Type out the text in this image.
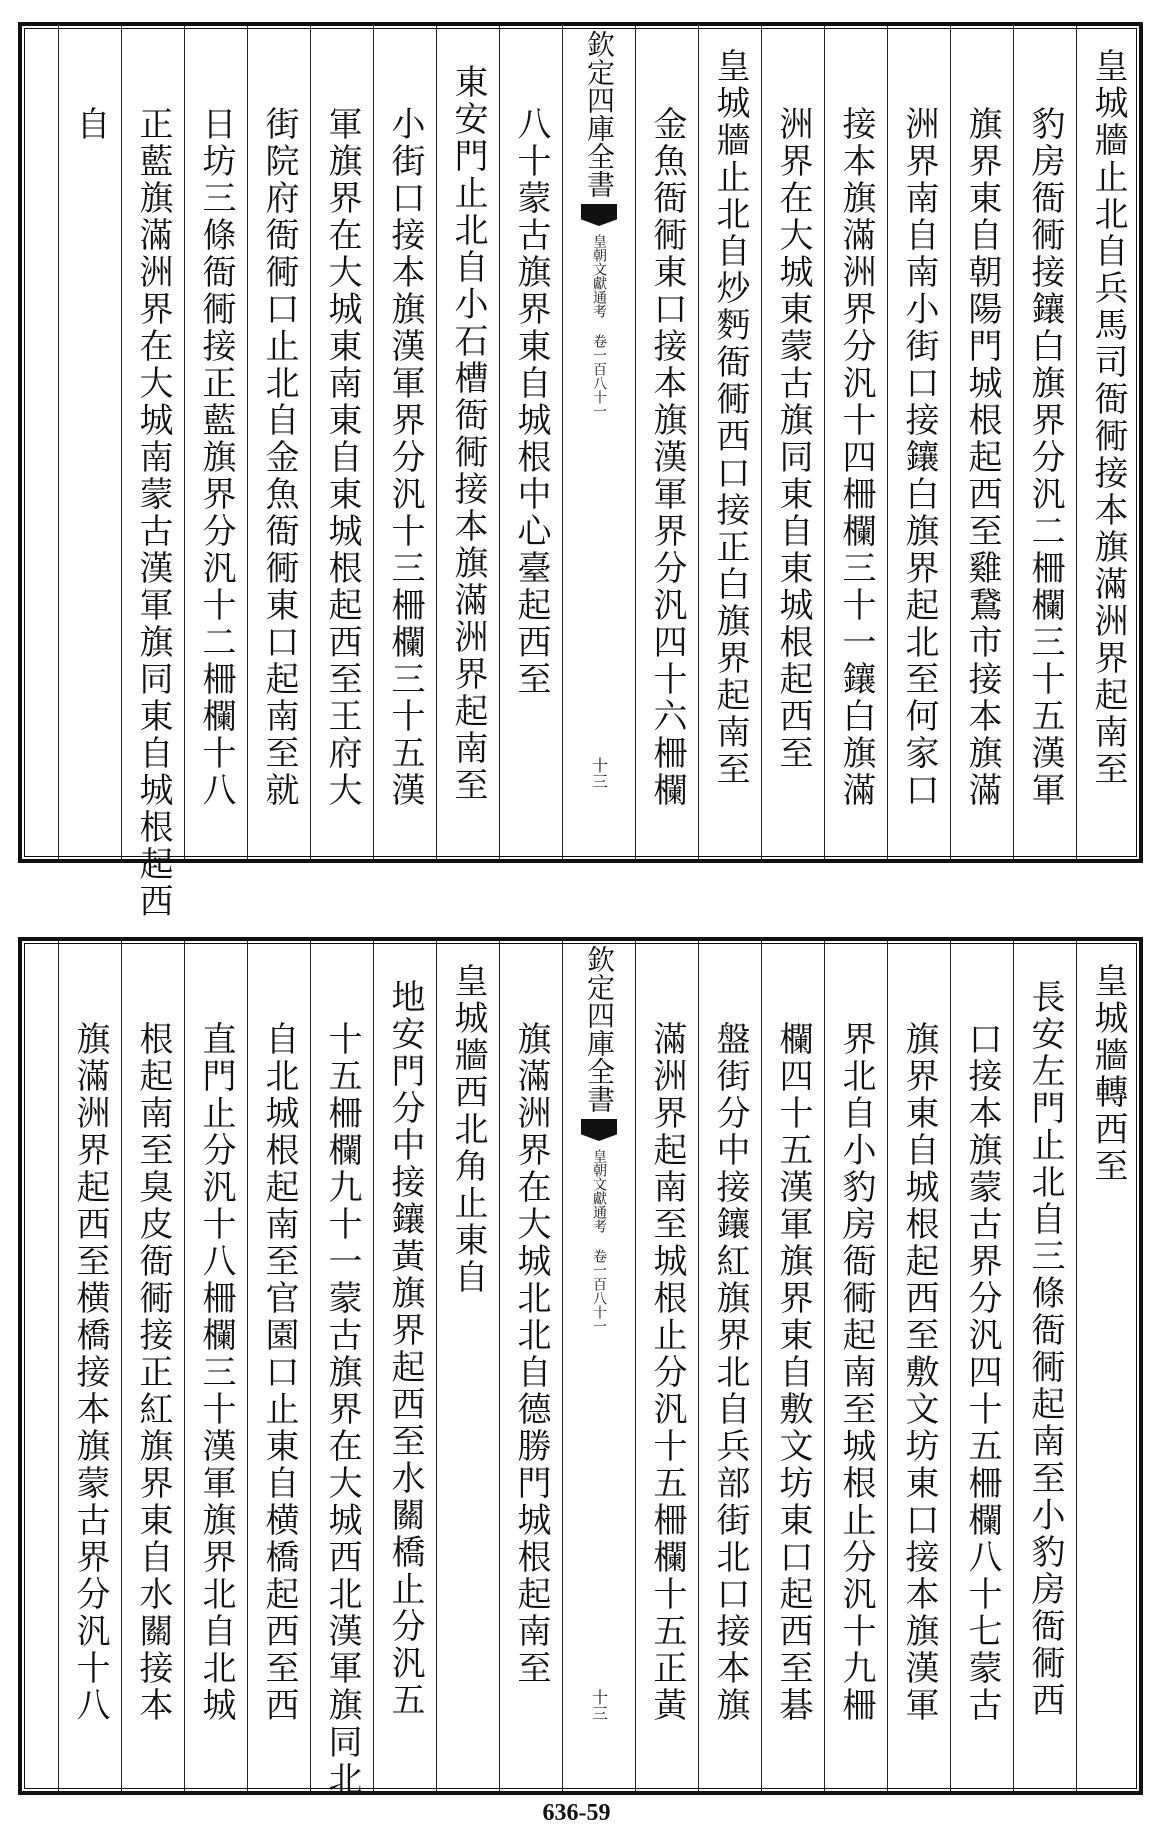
皇城牆止北自兵馬司衙衕接本旗滿洲界起南至
豹房衙衕接鑲白旗界分汎二柵欄三十五漢軍
旗界東自朝陽門城根起西至雞鵞市接本旗滿
洲界南自南小街口接鑲白旗界起北至何家口
接本旗滿洲界分汎十四柵欄三十一鑲白旗滿
洲界在大城東蒙古旗同東自東城根起西至
皇城牆止北自炒麪衙衕西口接正白旗界起南至
金魚衙衕東口接本旗漢軍界分汎四十六柵欄
欽定四庫全書
皇朝文獻通考 卷一百八十一
十三
八十蒙古旗界東自城根中心臺起西至
東安門止北自小石槽衙衕接本旗滿洲界起南至
小街口接本旗漢軍界分汎十三柵欄三十五漢
軍旗界在大城東南東自東城根起西至王府大
街院府衙衕口止北自金魚衙衕東口起南至就
日坊三條衙衕接正藍旗界分汎十二柵欄十八
正藍旗滿洲界在大城南蒙古漢軍旗同東自城根起西
自
皇城牆轉西至
長安左門止北自三條衙衕起南至小豹房衙衕西
口接本旗蒙古界分汎四十五柵欄八十七蒙古
旗界東自城根起西至敷文坊東口接本旗漢軍
界北自小豹房衙衕起南至城根止分汎十九柵
欄四十五漢軍旗界東自敷文坊東口起西至碁
盤街分中接鑲紅旗界北自兵部街北口接本旗
滿洲界起南至城根止分汎十五柵欄十五正黃
欽定四庫全書
皇朝文獻通考 卷一百八十一
十三
旗滿洲界在大城北北自德勝門城根起南至
皇城牆西北角止東自
地安門分中接鑲黃旗界起西至水關橋止分汎五
十五柵欄九十一蒙古旗界在大城西北漢軍旗同北
自北城根起南至官園口止東自横橋起西至西
直門止分汎十八柵欄三十漢軍旗界北自北城
根起南至臭皮衙衕接正紅旗界東自水關接本
旗滿洲界起西至横橋接本旗蒙古界分汎十八
636-59
